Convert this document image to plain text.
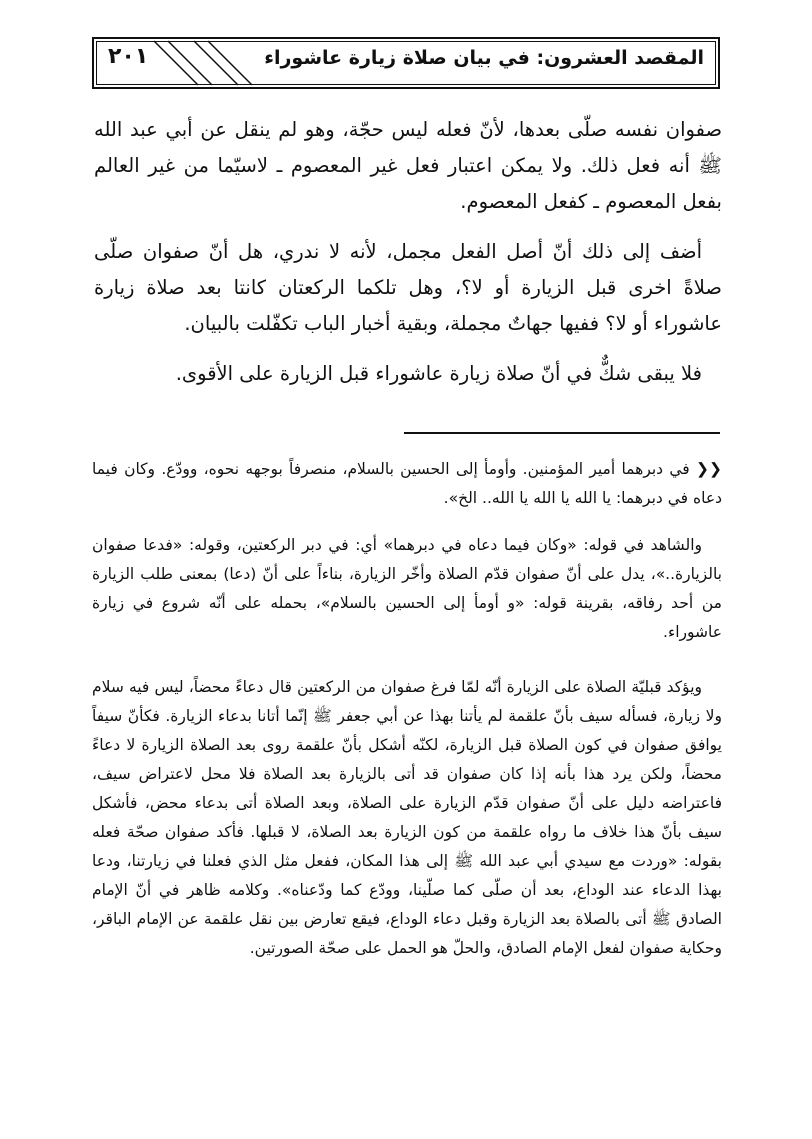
٢٠١	المقصد العشرون: في بيان صلاة زيارة عاشوراء

صفوان نفسه صلّى بعدها، لأنّ فعله ليس حجّة، وهو لم ينقل عن أبي عبد الله ﷺ أنه فعل ذلك. ولا يمكن اعتبار فعل غير المعصوم ـ لاسيّما من غير العالم بفعل المعصوم ـ كفعل المعصوم.

أضف إلى ذلك أنّ أصل الفعل مجمل، لأنه لا ندري، هل أنّ صفوان صلّى صلاةً اخرى قبل الزيارة أو لا؟، وهل تلكما الركعتان كانتا بعد صلاة زيارة عاشوراء أو لا؟ ففيها جهاتٌ مجملة، وبقية أخبار الباب تكفّلت بالبيان.

فلا يبقى شكٌّ في أنّ صلاة زيارة عاشوراء قبل الزيارة على الأقوى.

❮❮ في دبرهما أمير المؤمنين. وأومأ إلى الحسين بالسلام، منصرفاً بوجهه نحوه، وودّع. وكان فيما دعاه في دبرهما: يا الله يا الله يا الله.. الخ».

والشاهد في قوله: «وكان فيما دعاه في دبرهما» أي: في دبر الركعتين، وقوله: «فدعا صفوان بالزيارة..»، يدل على أنّ صفوان قدّم الصلاة وأخّر الزيارة، بناءاً على أنّ (دعا) بمعنى طلب الزيارة من أحد رفاقه، بقرينة قوله: «و أومأ إلى الحسين بالسلام»، بحمله على أنّه شروع في زيارة عاشوراء.

ويؤكد قبليّة الصلاة على الزيارة أنّه لمّا فرغ صفوان من الركعتين قال دعاءً محضاً، ليس فيه سلام ولا زيارة، فسأله سيف بأنّ علقمة لم يأتنا بهذا عن أبي جعفر ﷺ إنّما أتانا بدعاء الزيارة. فكأنّ سيفاً يوافق صفوان في كون الصلاة قبل الزيارة، لكنّه أشكل بأنّ علقمة روى بعد الصلاة الزيارة لا دعاءً محضاً، ولكن يرد هذا بأنه إذا كان صفوان قد أتى بالزيارة بعد الصلاة فلا محل لاعتراض سيف، فاعتراضه دليل على أنّ صفوان قدّم الزيارة على الصلاة، وبعد الصلاة أتى بدعاء محض، فأشكل سيف بأنّ هذا خلاف ما رواه علقمة من كون الزيارة بعد الصلاة، لا قبلها. فأكد صفوان صحّة فعله بقوله: «وردت مع سيدي أبي عبد الله ﷺ إلى هذا المكان، ففعل مثل الذي فعلنا في زيارتنا، ودعا بهذا الدعاء عند الوداع، بعد أن صلّى كما صلّينا، وودّع كما ودّعناه». وكلامه ظاهر في أنّ الإمام الصادق ﷺ أتى بالصلاة بعد الزيارة وقبل دعاء الوداع، فيقع تعارض بين نقل علقمة عن الإمام الباقر، وحكاية صفوان لفعل الإمام الصادق، والحلّ هو الحمل على صحّة الصورتين.
